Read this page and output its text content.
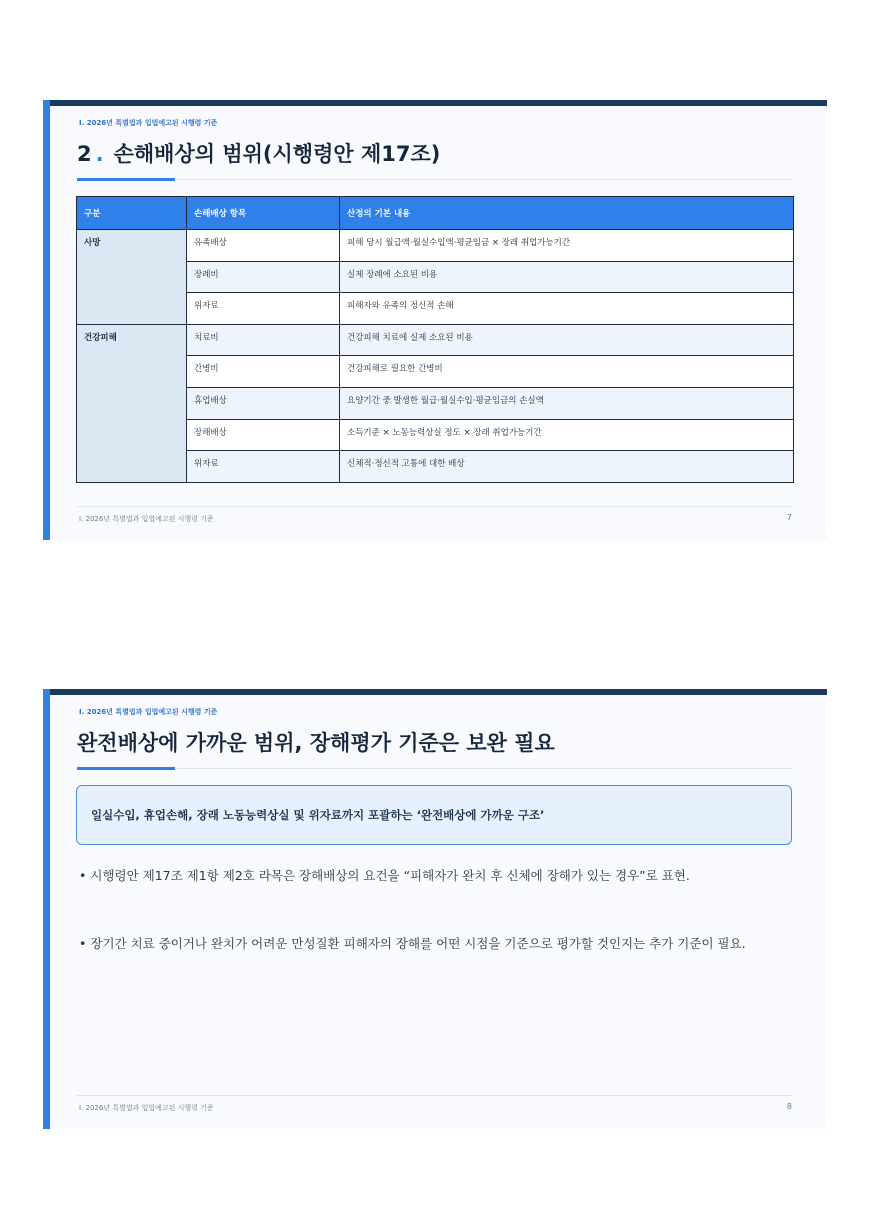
Ⅰ. 2026년 특별법과 입법예고된 시행령 기준
2 . 손해배상의 범위(시행령안 제17조)
구분	손해배상 항목	산정의 기본 내용
사망	유족배상	피해 당시 월급액·월실수입액·평균임금 × 장래 취업가능기간
	장례비	실제 장례에 소요된 비용
	위자료	피해자와 유족의 정신적 손해
건강피해	치료비	건강피해 치료에 실제 소요된 비용
	간병비	건강피해로 필요한 간병비
	휴업배상	요양기간 중 발생한 월급·월실수입·평균임금의 손실액
	장해배상	소득기준 × 노동능력상실 정도 × 장래 취업가능기간
	위자료	신체적·정신적 고통에 대한 배상
Ⅰ. 2026년 특별법과 입법예고된 시행령 기준	7
Ⅰ. 2026년 특별법과 입법예고된 시행령 기준
완전배상에 가까운 범위, 장해평가 기준은 보완 필요
일실수입, 휴업손해, 장래 노동능력상실 및 위자료까지 포괄하는 ‘완전배상에 가까운 구조’
• 시행령안 제17조 제1항 제2호 라목은 장해배상의 요건을 “피해자가 완치 후 신체에 장해가 있는 경우”로 표현.
• 장기간 치료 중이거나 완치가 어려운 만성질환 피해자의 장해를 어떤 시점을 기준으로 평가할 것인지는 추가 기준이 필요.
Ⅰ. 2026년 특별법과 입법예고된 시행령 기준	8
